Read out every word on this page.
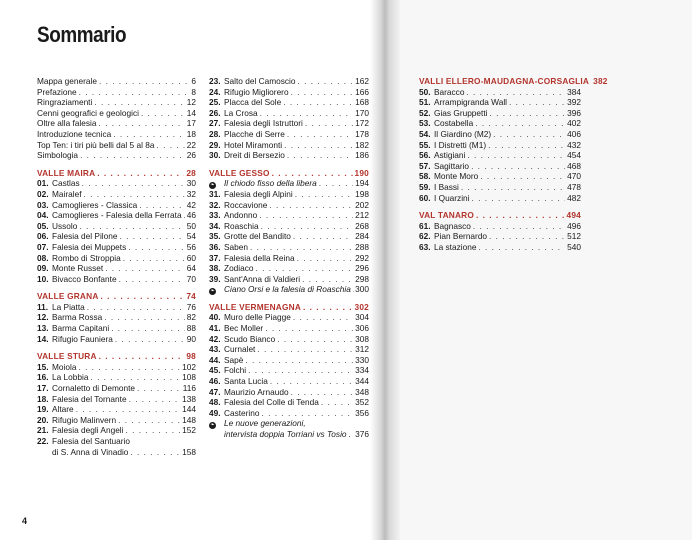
Sommario
Mappa generale . . .	6
Prefazione . . .	8
Ringraziamenti . . .	12
Cenni geografici e geologici . . .	14
Oltre alla falesia . . .	17
Introduzione tecnica . . .	18
Top Ten: i tiri più belli dal 5 al 8a . . .	22
Simbologia . . .	26
VALLE MAIRA . . .	28
01. Castlas . . .	30
02. Mairalef . . .	32
03. Camoglieres - Classica . . .	42
04. Camoglieres - Falesia della Ferrata . . . 46
05. Ussolo . . .	50
06. Falesia del Pilone . . .	54
07. Falesia dei Muppets . . .	56
08. Rombo di Stroppia . . .	60
09. Monte Russet . . .	64
10. Bivacco Bonfante . . .	70
VALLE GRANA . . .	74
11. La Piatta . . .	76
12. Barma Rossa . . .	82
13. Barma Capitani . . .	88
14. Rifugio Fauniera . . .	90
VALLE STURA . . .	98
15. Moiola . . .	102
16. La Lobbia . . .	108
17. Cornaletto di Demonte . . .	116
18. Falesia del Tornante . . .	138
19. Altare . . .	144
20. Rifugio Malinvern . . .	148
21. Falesia degli Angeli . . .	152
22. Falesia del Santuario
di S. Anna di Vinadio . . .	158
23. Salto del Camoscio . . .	162
24. Rifugio Migliorero . . .	166
25. Placca del Sole . . .	168
26. La Crosa . . .	170
27. Falesia degli Istruttori . . .	172
28. Placche di Serre . . .	178
29. Hotel Miramonti . . .	182
30. Dreit di Bersezio . . .	186
VALLE GESSO . . .	190
❧ Il chiodo fisso della libera . . .	194
31. Falesia degli Alpini . . .	198
32. Roccavione . . .	202
33. Andonno . . .	212
34. Roaschia . . .	268
35. Grotte del Bandito . . .	284
36. Saben . . .	288
37. Falesia della Reina . . .	292
38. Zodiaco . . .	296
39. Sant'Anna di Valdieri . . .	298
❧ Ciano Orsi e la falesia di Roaschia . . . 300
VALLE VERMENAGNA . . .	302
40. Muro delle Piagge . . .	304
41. Bec Moller . . .	306
42. Scudo Bianco . . .	308
43. Curnalet . . .	312
44. Sapè . . .	330
45. Folchi . . .	334
46. Santa Lucia . . .	344
47. Maurizio Arnaudo . . .	348
48. Falesia del Colle di Tenda . . .	352
49. Casterino . . .	356
❧ Le nuove generazioni,
intervista doppia Torriani vs Tosio . . . 376
4
VALLI ELLERO-MAUDAGNA-CORSAGLIA 382
50. Baracco . . .	384
51. Arrampigranda Wall . . .	392
52. Gias Gruppetti . . .	396
53. Costabella . . .	402
54. Il Giardino (M2) . . .	406
55. I Distretti (M1) . . .	432
56. Astigiani . . .	454
57. Sagittario . . .	468
58. Monte Moro . . .	470
59. I Bassi . . .	478
60. I Quarzini . . .	482
VAL TANARO . . .	494
61. Bagnasco . . .	496
62. Pian Bernardo . . .	512
63. La stazione . . .	540
